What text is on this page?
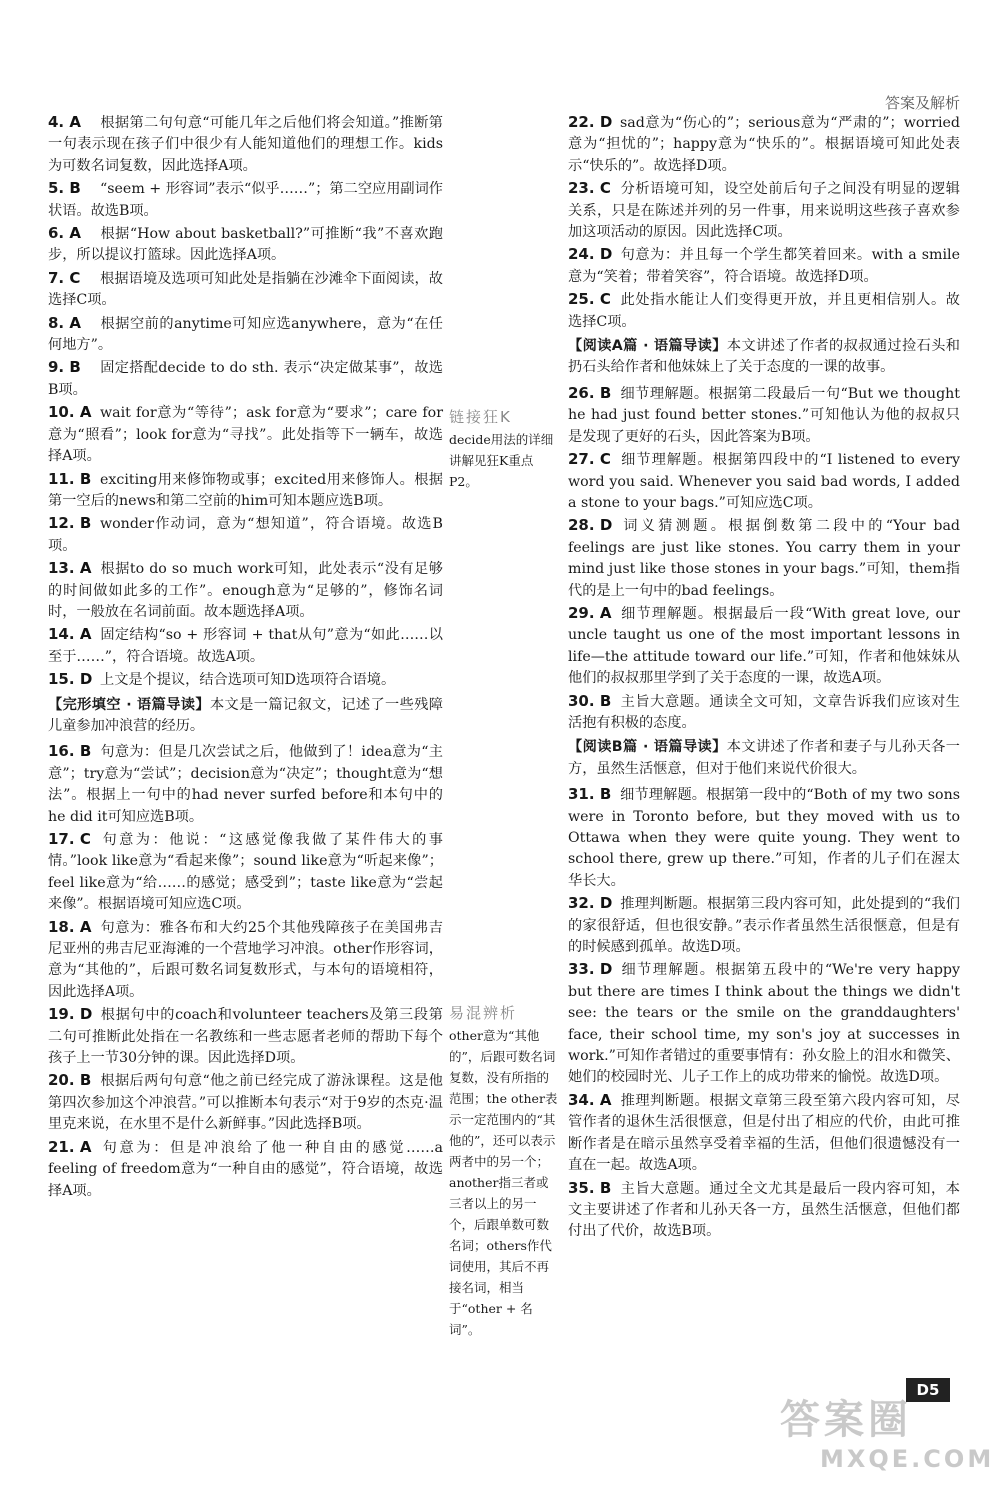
答案及解析
4. A 根据第二句句意“可能几年之后他们将会知道。”推断第一句表示现在孩子们中很少有人能知道他们的理想工作。kids为可数名词复数，因此选择A项。
5. B “seem + 形容词”表示“似乎……”；第二空应用副词作状语。故选B项。
6. A 根据“How about basketball?”可推断“我”不喜欢跑步，所以提议打篮球。因此选择A项。
7. C 根据语境及选项可知此处是指躺在沙滩伞下面阅读，故选择C项。
8. A 根据空前的anytime可知应选anywhere，意为“在任何地方”。
9. B 固定搭配decide to do sth. 表示“决定做某事”，故选B项。
10. A wait for意为“等待”；ask for意为“要求”；care for意为“照看”；look for意为“寻找”。此处指等下一辆车，故选择A项。
11. B exciting用来修饰物或事；excited用来修饰人。根据第一空后的news和第二空前的him可知本题应选B项。
12. B wonder作动词，意为“想知道”，符合语境。故选B项。
13. A 根据to do so much work可知，此处表示“没有足够的时间做如此多的工作”。enough意为“足够的”，修饰名词时，一般放在名词前面。故本题选择A项。
14. A 固定结构“so + 形容词 + that从句”意为“如此……以至于……”，符合语境。故选A项。
15. D 上文是个提议，结合选项可知D选项符合语境。
【完形填空 · 语篇导读】本文是一篇记叙文，记述了一些残障儿童参加冲浪营的经历。
16. B 句意为：但是几次尝试之后，他做到了！idea意为“主意”；try意为“尝试”；decision意为“决定”；thought意为“想法”。根据上一句中的had never surfed before和本句中的he did it可知应选B项。
17. C 句意为：他说：“这感觉像我做了某件伟大的事情。”look like意为“看起来像”；sound like意为“听起来像”；feel like意为“给……的感觉；感受到”；taste like意为“尝起来像”。根据语境可知应选C项。
18. A 句意为：雅各布和大约25个其他残障孩子在美国弗吉尼亚州的弗吉尼亚海滩的一个营地学习冲浪。other作形容词，意为“其他的”，后跟可数名词复数形式，与本句的语境相符，因此选择A项。
19. D 根据句中的coach和volunteer teachers及第三段第二句可推断此处指在一名教练和一些志愿者老师的帮助下每个孩子上一节30分钟的课。因此选择D项。
20. B 根据后两句句意“他之前已经完成了游泳课程。这是他第四次参加这个冲浪营。”可以推断本句表示“对于9岁的杰克·温里克来说，在水里不是什么新鲜事。”因此选择B项。
21. A 句意为：但是冲浪给了他一种自由的感觉……a feeling of freedom意为“一种自由的感觉”，符合语境，故选择A项。
链接狂K
decide用法的详细讲解见狂K重点P2。
易混辨析
other意为“其他的”，后跟可数名词复数，没有所指的范围；the other表示一定范围内的“其他的”，还可以表示两者中的另一个；another指三者或三者以上的另一个，后跟单数可数名词；others作代词使用，其后不再接名词，相当于“other + 名词”。
22. D sad意为“伤心的”；serious意为“严肃的”；worried意为“担忧的”；happy意为“快乐的”。根据语境可知此处表示“快乐的”。故选择D项。
23. C 分析语境可知，设空处前后句子之间没有明显的逻辑关系，只是在陈述并列的另一件事，用来说明这些孩子喜欢参加这项活动的原因。因此选择C项。
24. D 句意为：并且每一个学生都笑着回来。with a smile意为“笑着；带着笑容”，符合语境。故选择D项。
25. C 此处指水能让人们变得更开放，并且更相信别人。故选择C项。
【阅读A篇 · 语篇导读】本文讲述了作者的叔叔通过捡石头和扔石头给作者和他妹妹上了关于态度的一课的故事。
26. B 细节理解题。根据第二段最后一句“But we thought he had just found better stones.”可知他认为他的叔叔只是发现了更好的石头，因此答案为B项。
27. C 细节理解题。根据第四段中的“I listened to every word you said. Whenever you said bad words, I added a stone to your bags.”可知应选C项。
28. D 词义猜测题。根据倒数第二段中的“Your bad feelings are just like stones. You carry them in your mind just like those stones in your bags.”可知，them指代的是上一句中的bad feelings。
29. A 细节理解题。根据最后一段“With great love, our uncle taught us one of the most important lessons in life—the attitude toward our life.”可知，作者和他妹妹从他们的叔叔那里学到了关于态度的一课，故选A项。
30. B 主旨大意题。通读全文可知，文章告诉我们应该对生活抱有积极的态度。
【阅读B篇 · 语篇导读】本文讲述了作者和妻子与儿孙天各一方，虽然生活惬意，但对于他们来说代价很大。
31. B 细节理解题。根据第一段中的“Both of my two sons were in Toronto before, but they moved with us to Ottawa when they were quite young. They went to school there, grew up there.”可知，作者的儿子们在渥太华长大。
32. D 推理判断题。根据第三段内容可知，此处提到的“我们的家很舒适，但也很安静。”表示作者虽然生活很惬意，但是有的时候感到孤单。故选D项。
33. D 细节理解题。根据第五段中的“We're very happy but there are times I think about the things we didn't see: the tears or the smile on the granddaughters' face, their school time, my son's joy at successes in work.”可知作者错过的重要事情有：孙女脸上的泪水和微笑、她们的校园时光、儿子工作上的成功带来的愉悦。故选D项。
34. A 推理判断题。根据文章第三段至第六段内容可知，尽管作者的退休生活很惬意，但是付出了相应的代价，由此可推断作者是在暗示虽然享受着幸福的生活，但他们很遗憾没有一直在一起。故选A项。
35. B 主旨大意题。通过全文尤其是最后一段内容可知，本文主要讲述了作者和儿孙天各一方，虽然生活惬意，但他们都付出了代价，故选B项。
D5
答案圈
MXQE.COM
